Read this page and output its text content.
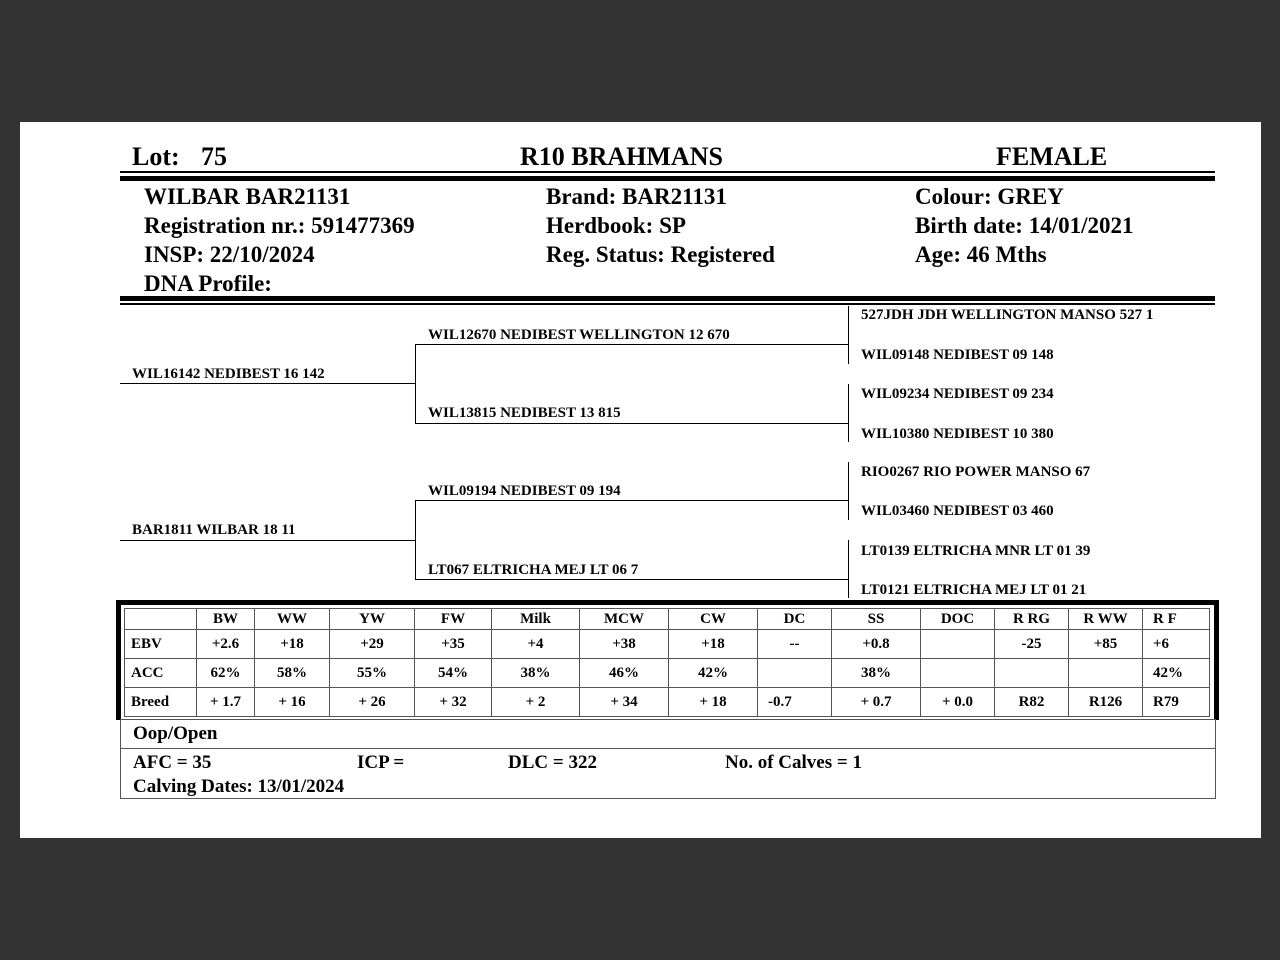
Lot: 75	R10 BRAHMANS	FEMALE
WILBAR BAR21131
Registration nr.: 591477369
INSP: 22/10/2024
DNA Profile:
Brand: BAR21131
Herdbook: SP
Reg. Status: Registered
Colour: GREY
Birth date: 14/01/2021
Age: 46 Mths
WIL16142 NEDIBEST 16 142
BAR1811 WILBAR 18 11
WIL12670 NEDIBEST WELLINGTON 12 670
WIL13815 NEDIBEST 13 815
WIL09194 NEDIBEST 09 194
LT067 ELTRICHA MEJ LT 06 7
527JDH JDH WELLINGTON MANSO 527 1
WIL09148 NEDIBEST 09 148
WIL09234 NEDIBEST 09 234
WIL10380 NEDIBEST 10 380
RIO0267 RIO POWER MANSO 67
WIL03460 NEDIBEST 03 460
LT0139 ELTRICHA MNR LT 01 39
LT0121 ELTRICHA MEJ LT 01 21
	BW	WW	YW	FW	Milk	MCW	CW	DC	SS	DOC	R RG	R WW	R F
EBV	+2.6	+18	+29	+35	+4	+38	+18	--	+0.8		-25	+85	+6
ACC	62%	58%	55%	54%	38%	46%	42%		38%				42%
Breed	+ 1.7	+ 16	+ 26	+ 32	+ 2	+ 34	+ 18	-0.7	+ 0.7	+ 0.0	R82	R126	R79
Oop/Open
AFC = 35	ICP =	DLC = 322	No. of Calves = 1
Calving Dates: 13/01/2024
